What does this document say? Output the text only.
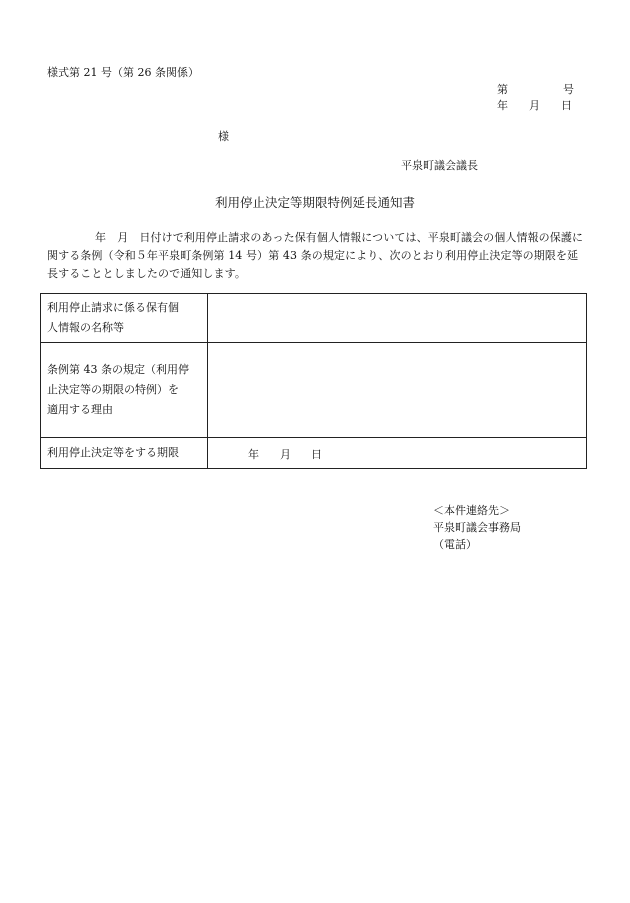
様式第 21 号（第 26 条関係）
第	号
年 月 日
様
平泉町議会議長
利用停止決定等期限特例延長通知書
年　月　日付けで利用停止請求のあった保有個人情報については、平泉町議会の個人情報の保護に関する条例（令和５年平泉町条例第 14 号）第 43 条の規定により、次のとおり利用停止決定等の期限を延長することとしましたので通知します。
利用停止請求に係る保有個
人情報の名称等	

条例第 43 条の規定（利用停
止決定等の期限の特例）を
適用する理由	

利用停止決定等をする期限	年 月 日
＜本件連絡先＞
平泉町議会事務局
（電話）
